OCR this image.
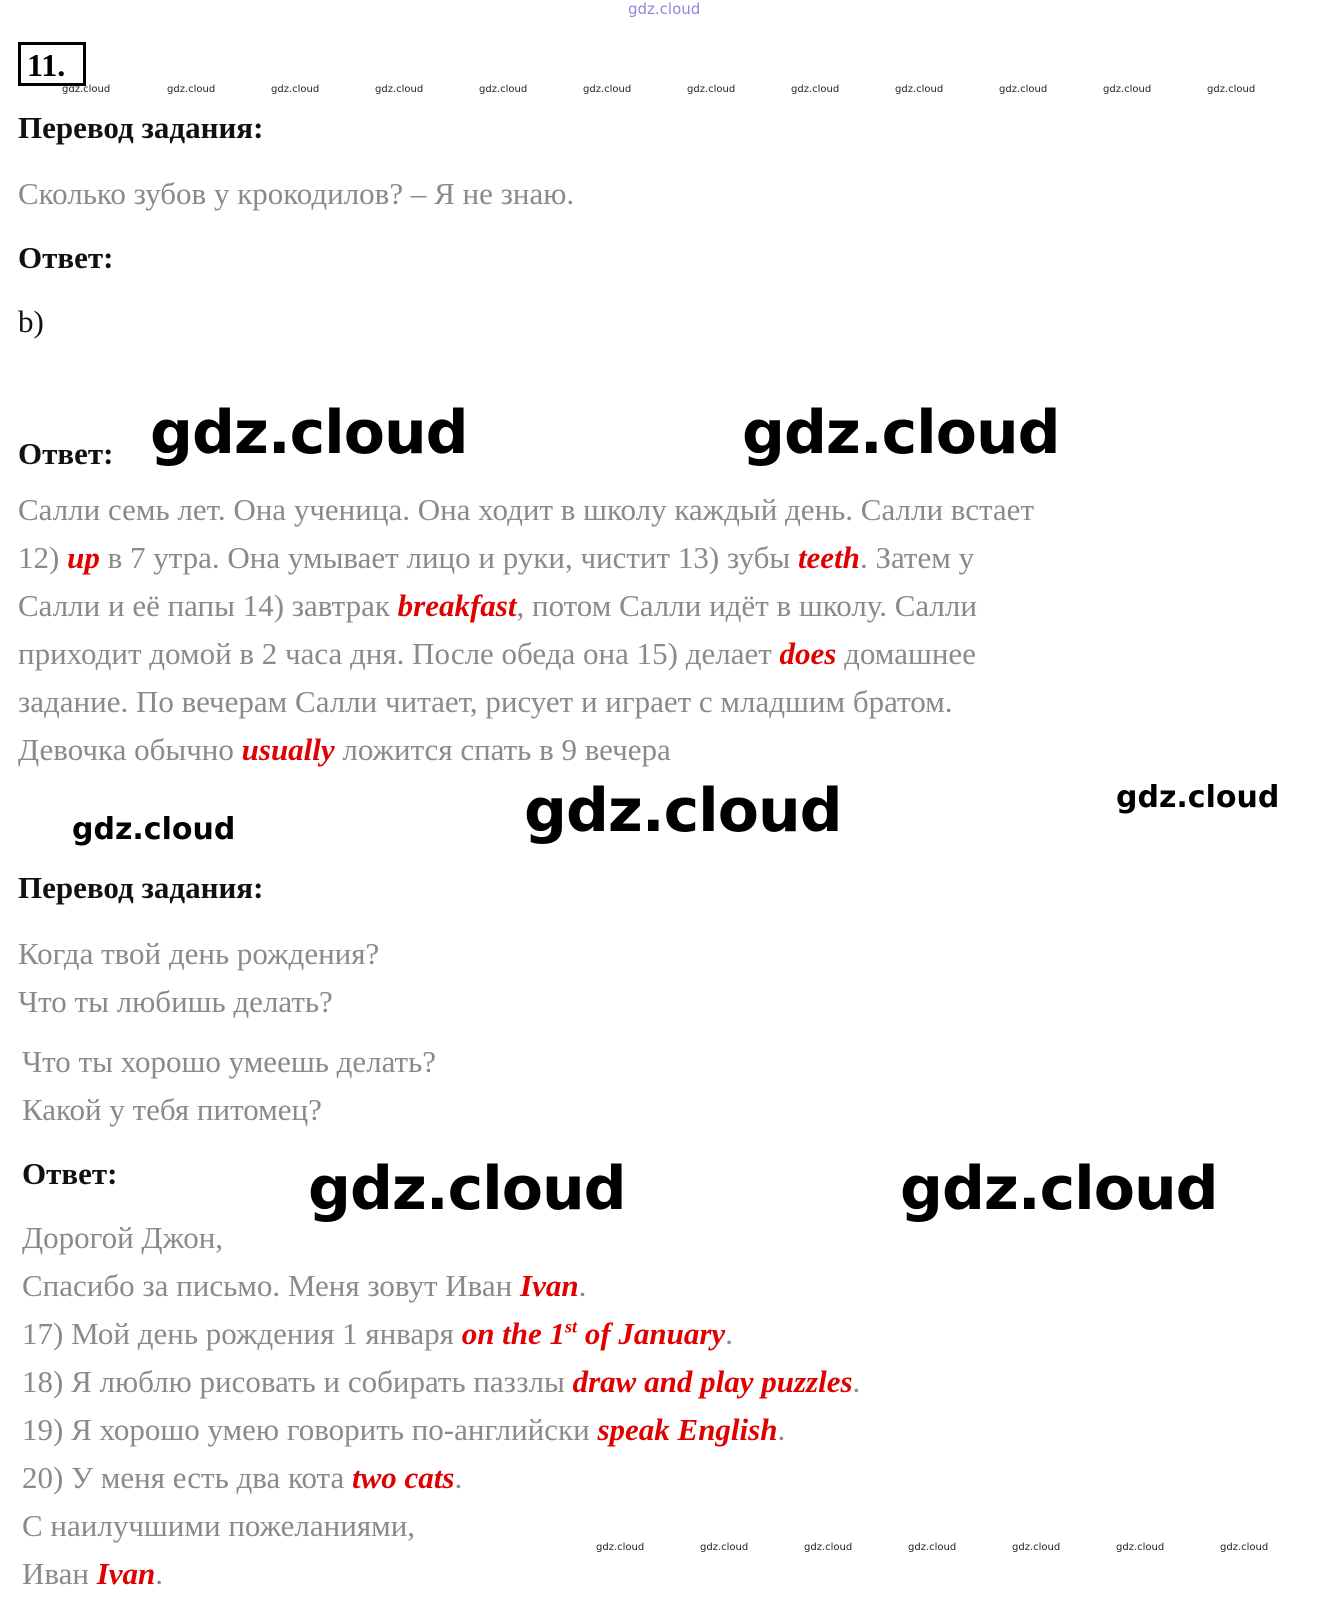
gdz.cloud
11.
gdz.cloud	gdz.cloud	gdz.cloud	gdz.cloud	gdz.cloud	gdz.cloud	gdz.cloud	gdz.cloud	gdz.cloud	gdz.cloud	gdz.cloud	gdz.cloud
Перевод задания:
Сколько зубов у крокодилов? – Я не знаю.
Ответ:
b)
Ответ: gdz.cloud	gdz.cloud
Салли семь лет. Она ученица. Она ходит в школу каждый день. Салли встает
12) up в 7 утра. Она умывает лицо и руки, чистит 13) зубы teeth. Затем у
Салли и её папы 14) завтрак breakfast, потом Салли идёт в школу. Салли
приходит домой в 2 часа дня. После обеда она 15) делает does домашнее
задание. По вечерам Салли читает, рисует и играет с младшим братом.
Девочка обычно usually ложится спать в 9 вечера
gdz.cloud	gdz.cloud	gdz.cloud
Перевод задания:
Когда твой день рождения?
Что ты любишь делать?
Что ты хорошо умеешь делать?
Какой у тебя питомец?
Ответ:	gdz.cloud	gdz.cloud
Дорогой Джон,
Спасибо за письмо. Меня зовут Иван Ivan.
17) Мой день рождения 1 января on the 1st of January.
18) Я люблю рисовать и собирать паззлы draw and play puzzles.
19) Я хорошо умею говорить по-английски speak English.
20) У меня есть два кота two cats.
С наилучшими пожеланиями,
Иван Ivan.
gdz.cloud	gdz.cloud	gdz.cloud	gdz.cloud	gdz.cloud	gdz.cloud	gdz.cloud
